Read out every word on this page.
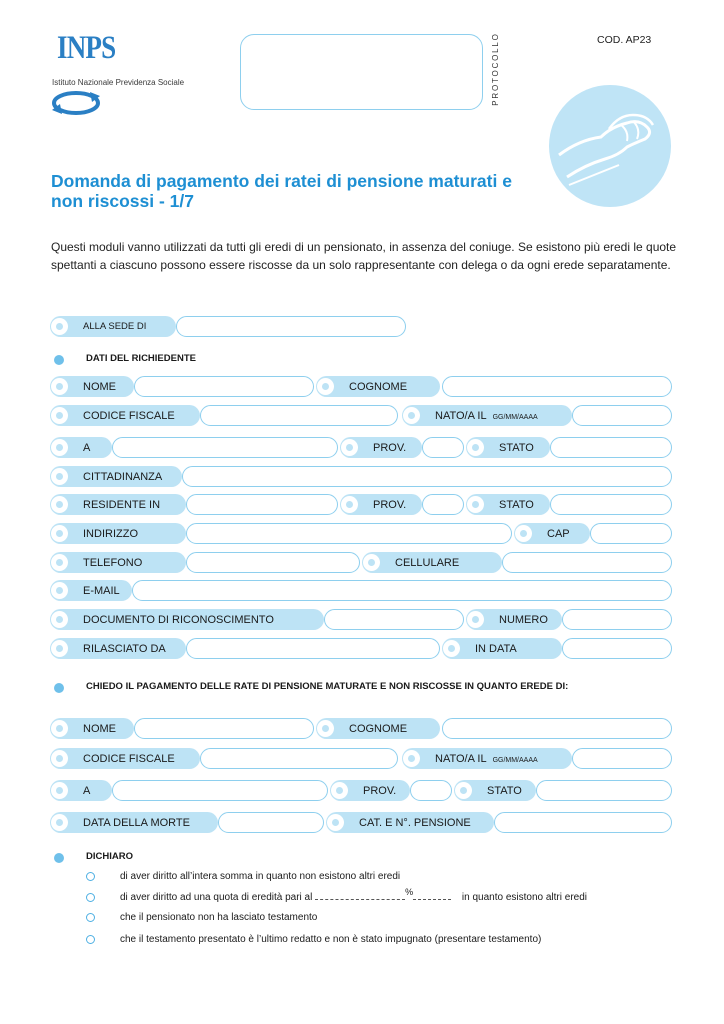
INPS
Istituto Nazionale Previdenza Sociale	PROTOCOLLO	COD. AP23
Domanda di pagamento dei ratei di pensione maturati e non riscossi - 1/7
Questi moduli vanno utilizzati da tutti gli eredi di un pensionato, in assenza del coniuge. Se esistono più eredi le quote spettanti a ciascuno possono essere riscosse da un solo rappresentante con delega o da ogni erede separatamente.
ALLA SEDE DI
DATI DEL RICHIEDENTE
NOME	COGNOME
CODICE FISCALE	NATO/A IL GG/MM/AAAA
A	PROV.	STATO
CITTADINANZA
RESIDENTE IN	PROV.	STATO
INDIRIZZO	CAP
TELEFONO	CELLULARE
E-MAIL
DOCUMENTO DI RICONOSCIMENTO	NUMERO
RILASCIATO DA	IN DATA
CHIEDO IL PAGAMENTO DELLE RATE DI PENSIONE MATURATE E NON RISCOSSE IN QUANTO EREDE DI:
NOME	COGNOME
CODICE FISCALE	NATO/A IL GG/MM/AAAA
A	PROV.	STATO
DATA DELLA MORTE	CAT. E N°. PENSIONE
DICHIARO
di aver diritto all’intera somma in quanto non esistono altri eredi
di aver diritto ad una quota di eredità pari al	%	in quanto esistono altri eredi
che il pensionato non ha lasciato testamento
che il testamento presentato è l’ultimo redatto e non è stato impugnato (presentare testamento)
